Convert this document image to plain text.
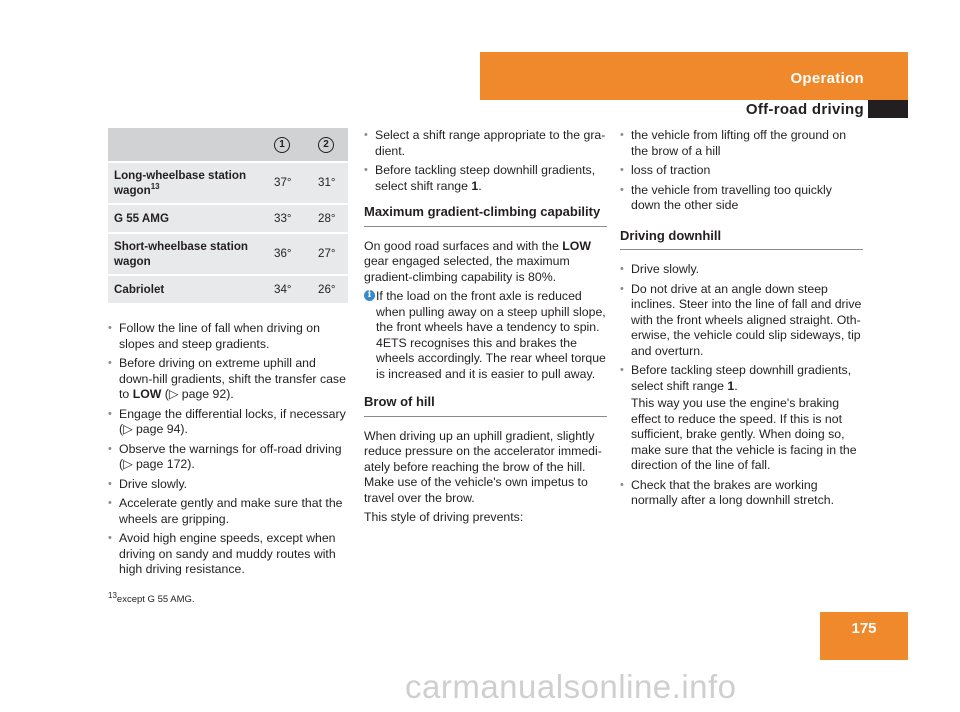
Operation
Off-road driving
	1	2

Long-wheelbase station wagon$^{13}$	37°	31°

G 55 AMG	33°	28°

Short-wheelbase station wagon	36°	27°

Cabriolet	34°	26°
• Follow the line of fall when driving on slopes and steep gradients.
• Before driving on extreme uphill and down-hill gradients, shift the transfer case to LOW (▷ page 92).
• Engage the differential locks, if necessary (▷ page 94).
• Observe the warnings for off-road driving (▷ page 172).
• Drive slowly.
• Accelerate gently and make sure that the wheels are gripping.
• Avoid high engine speeds, except when driving on sandy and muddy routes with high driving resistance.
• Select a shift range appropriate to the gra-dient.
• Before tackling steep downhill gradients, select shift range 1.
Maximum gradient-climbing capability

On good road surfaces and with the LOW gear engaged selected, the maximum gradient-climbing capability is 80%.

i If the load on the front axle is reduced when pulling away on a steep uphill slope, the front wheels have a tendency to spin. 4ETS recognises this and brakes the wheels accordingly. The rear wheel torque is increased and it is easier to pull away.
Brow of hill

When driving up an uphill gradient, slightly reduce pressure on the accelerator immedi-ately before reaching the brow of the hill. Make use of the vehicle's own impetus to travel over the brow.

This style of driving prevents:

• the vehicle from lifting off the ground on the brow of a hill
• loss of traction
• the vehicle from travelling too quickly down the other side
Driving downhill
• Drive slowly.
• Do not drive at an angle down steep inclines. Steer into the line of fall and drive with the front wheels aligned straight. Oth-erwise, the vehicle could slip sideways, tip and overturn.
• Before tackling steep downhill gradients, select shift range 1.
This way you use the engine's braking effect to reduce the speed. If this is not sufficient, brake gently. When doing so, make sure that the vehicle is facing in the direction of the line of fall.
• Check that the brakes are working normally after a long downhill stretch.
$^{13}$except G 55 AMG.
175
carmanualsonline.info
